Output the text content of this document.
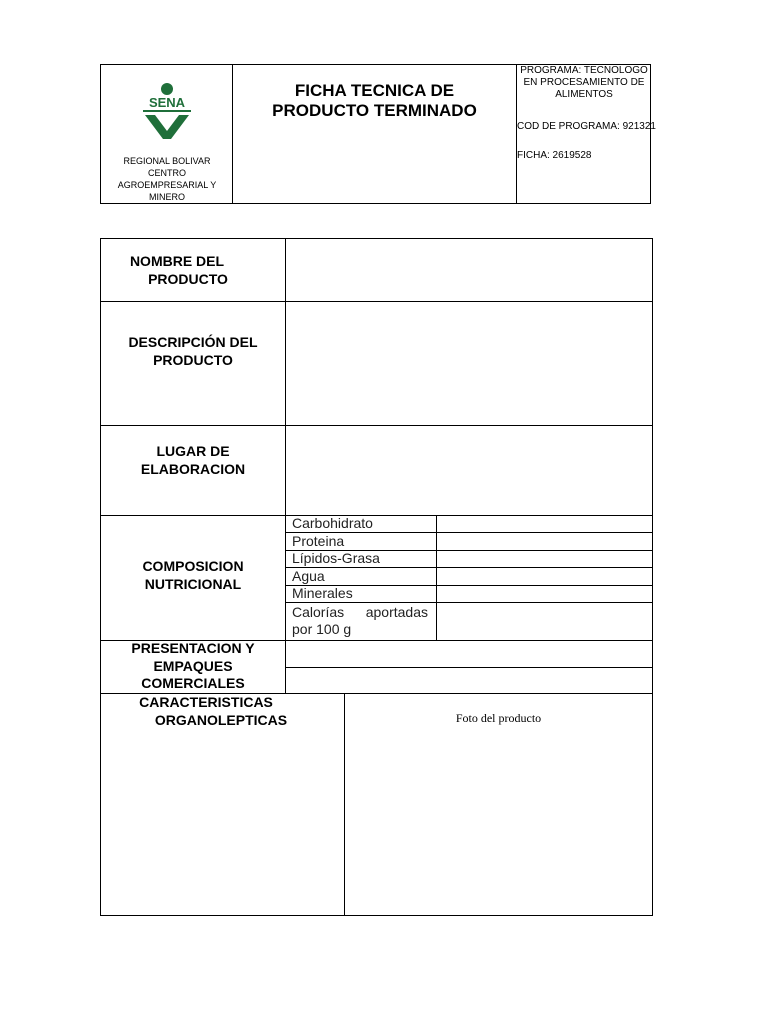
SENA
REGIONAL BOLIVAR CENTRO AGROEMPRESARIAL Y MINERO
FICHA TECNICA DE
PRODUCTO TERMINADO
PROGRAMA: TECNOLOGO EN PROCESAMIENTO DE ALIMENTOS
COD DE PROGRAMA: 921321
FICHA: 2619528
NOMBRE DEL
PRODUCTO
DESCRIPCIÓN DEL
PRODUCTO
LUGAR DE
ELABORACION
COMPOSICION
NUTRICIONAL
PRESENTACION Y
EMPAQUES
COMERCIALES
CARACTERISTICAS
ORGANOLEPTICAS
Carbohidrato
Proteina
Lípidos-Grasa
Agua
Minerales
Calorías aportadas por 100 g
Foto del producto
